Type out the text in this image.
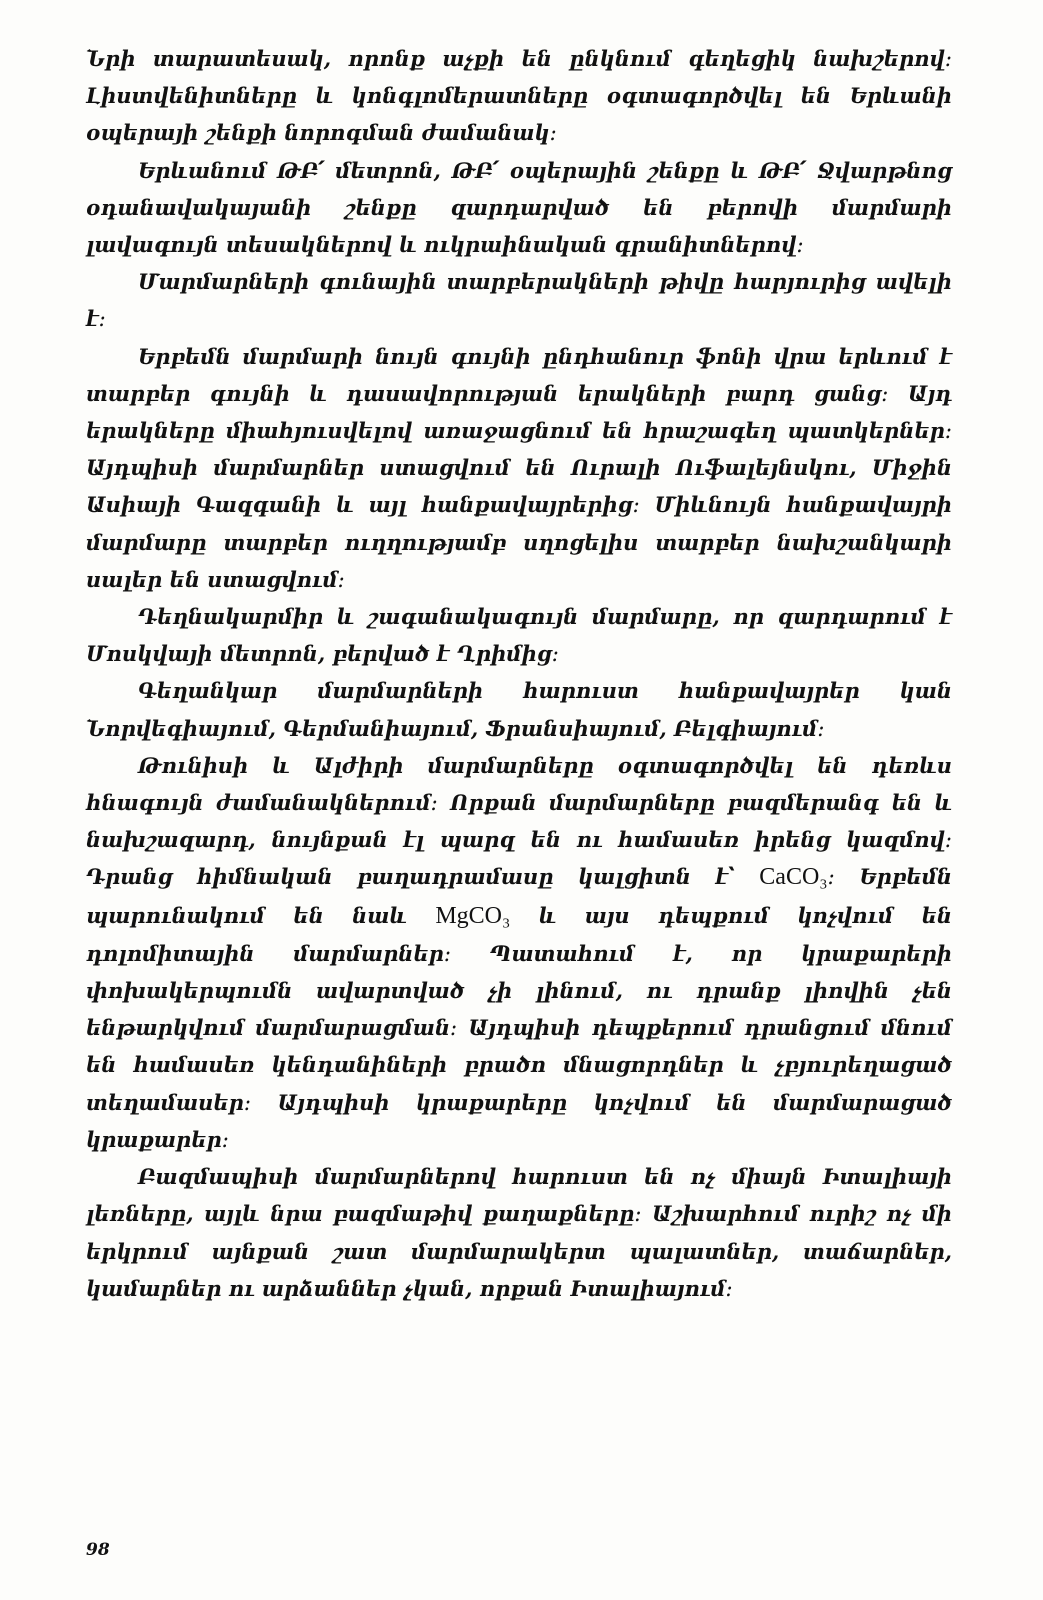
Նրի տարատեսակ, որոնք աչքի են ընկնում գեղեցիկ նախշերով։ Լիստվենիտները և կոնգլոմերատները օգտագործվել են Երևանի օպերայի շենքի նորոգման ժամանակ։

Երևանում ԹԲ՛ մետրոն, ԹԲ՛ օպերային շենքը և ԹԲ՛ Ջվարթնոց օդանավակայանի շենքը զարդարված են բերովի մարմարի լավագույն տեսակներով և ուկրաինական գրանիտներով։

Մարմարների գունային տարբերակների թիվը հարյուրից ավելի է։

Երբեմն մարմարի նույն գույնի ընդհանուր ֆոնի վրա երևում է տարբեր գույնի և դասավորության երակների բարդ ցանց։ Այդ երակները միահյուսվելով առաջացնում են հրաշագեղ պատկերներ։ Այդպիսի մարմարներ ստացվում են Ուրալի Ուֆալեյնսկու, Միջին Ասիայի Գազգանի և այլ հանքավայրերից։ Միևնույն հանքավայրի մարմարը տարբեր ուղղությամբ սղոցելիս տարբեր նախշանկարի սալեր են ստացվում։

Դեղնակարմիր և շագանակագույն մարմարը, որ զարդարում է Մոսկվայի մետրոն, բերված է Ղրիմից։

Գեղանկար մարմարների հարուստ հանքավայրեր կան Նորվեգիայում, Գերմանիայում, Ֆրանսիայում, Բելգիայում։

Թունիսի և Ալժիրի մարմարները օգտագործվել են դեռևս հնագույն ժամանակներում։ Որքան մարմարները բազմերանգ են և նախշազարդ, նույնքան էլ պարզ են ու համասեռ իրենց կազմով։ Դրանց հիմնական բաղադրամասը կալցիտն է՝ CaCO₃։ Երբեմն պարունակում են նաև MgCO₃ և այս դեպքում կոչվում են դոլոմիտային մարմարներ։ Պատահում է, որ կրաքարերի փոխակերպումն ավարտված չի լինում, ու դրանք լիովին չեն ենթարկվում մարմարացման։ Այդպիսի դեպքերում դրանցում մնում են համասեռ կենդանիների բրածո մնացորդներ և չբյուրեղացած տեղամասեր։ Այդպիսի կրաքարերը կոչվում են մարմարացած կրաքարեր։

Բազմապիսի մարմարներով հարուստ են ոչ միայն Իտալիայի լեռները, այլև նրա բազմաթիվ քաղաքները։ Աշխարհում ուրիշ ոչ մի երկրում այնքան շատ մարմարակերտ պալատներ, տաճարներ, կամարներ ու արձաններ չկան, որքան Իտալիայում։

98
